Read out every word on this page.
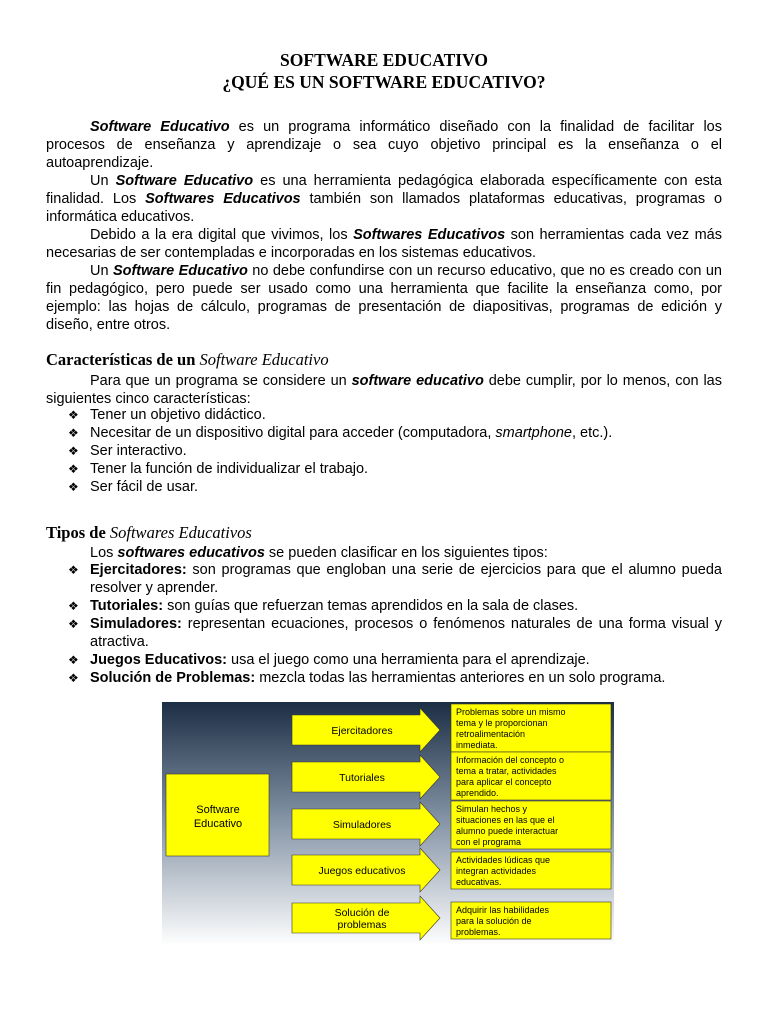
SOFTWARE EDUCATIVO
¿QUÉ ES UN SOFTWARE EDUCATIVO?

Software Educativo es un programa informático diseñado con la finalidad de facilitar los procesos de enseñanza y aprendizaje o sea cuyo objetivo principal es la enseñanza o el autoaprendizaje.

Un Software Educativo es una herramienta pedagógica elaborada específicamente con esta finalidad. Los Softwares Educativos también son llamados plataformas educativas, programas o informática educativos.

Debido a la era digital que vivimos, los Softwares Educativos son herramientas cada vez más necesarias de ser contempladas e incorporadas en los sistemas educativos.

Un Software Educativo no debe confundirse con un recurso educativo, que no es creado con un fin pedagógico, pero puede ser usado como una herramienta que facilite la enseñanza como, por ejemplo: las hojas de cálculo, programas de presentación de diapositivas, programas de edición y diseño, entre otros.

Características de un Software Educativo

Para que un programa se considere un software educativo debe cumplir, por lo menos, con las siguientes cinco características:

❖ Tener un objetivo didáctico.
❖ Necesitar de un dispositivo digital para acceder (computadora, smartphone, etc.).
❖ Ser interactivo.
❖ Tener la función de individualizar el trabajo.
❖ Ser fácil de usar.
Tipos de Softwares Educativos

Los softwares educativos se pueden clasificar en los siguientes tipos:

❖ Ejercitadores: son programas que engloban una serie de ejercicios para que el alumno pueda resolver y aprender.
❖ Tutoriales: son guías que refuerzan temas aprendidos en la sala de clases.
❖ Simuladores: representan ecuaciones, procesos o fenómenos naturales de una forma visual y atractiva.
❖ Juegos Educativos: usa el juego como una herramienta para el aprendizaje.
❖ Solución de Problemas: mezcla todas las herramientas anteriores en un solo programa.
Software Educativo
Ejercitadores
Problemas sobre un mismo tema y le proporcionan retroalimentación inmediata.
Tutoriales
Información del concepto o tema a tratar, actividades para aplicar el concepto aprendido.
Simuladores
Simulan hechos y situaciones en las que el alumno puede interactuar con el programa
Juegos educativos
Actividades lúdicas que integran actividades educativas.
Solución de problemas
Adquirir las habilidades para la solución de problemas.
